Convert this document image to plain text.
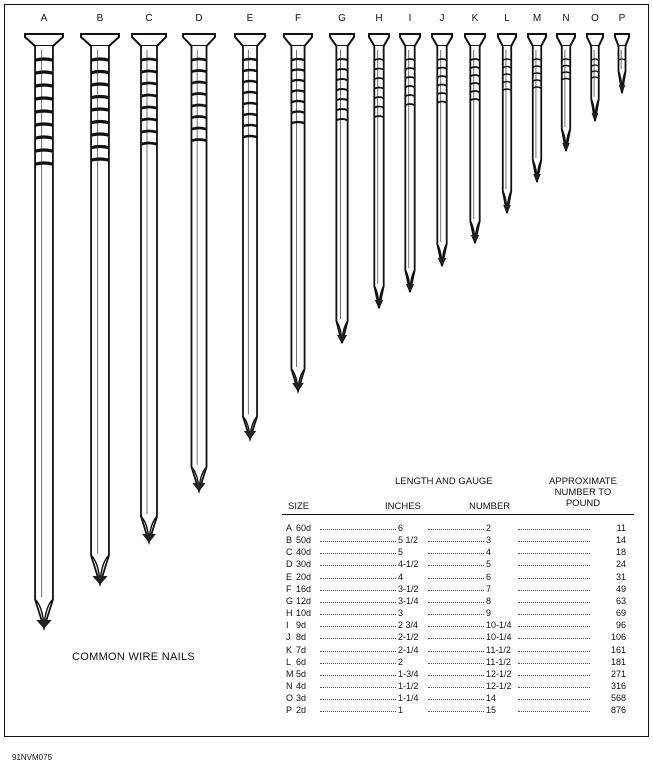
A	B	C	D	E	F	G	H	I	J	K	L	M	N	O	P
COMMON WIRE NAILS
LENGTH AND GAUGE	APPROXIMATE NUMBER TO POUND
SIZE	INCHES	NUMBER
A 60d	6	2	11
B 50d	5 1/2	3	14
C 40d	5	4	18
D 30d	4-1/2	5	24
E 20d	4	6	31
F 16d	3-1/2	7	49
G 12d	3-1/4	8	63
H 10d	3	9	69
I 9d	2 3/4	10-1/4	96
J 8d	2-1/2	10-1/4	106
K 7d	2-1/4	11-1/2	161
L 6d	2	11-1/2	181
M 5d	1-3/4	12-1/2	271
N 4d	1-1/2	12-1/2	316
O 3d	1-1/4	14	568
P 2d	1	15	876
91NVM075
